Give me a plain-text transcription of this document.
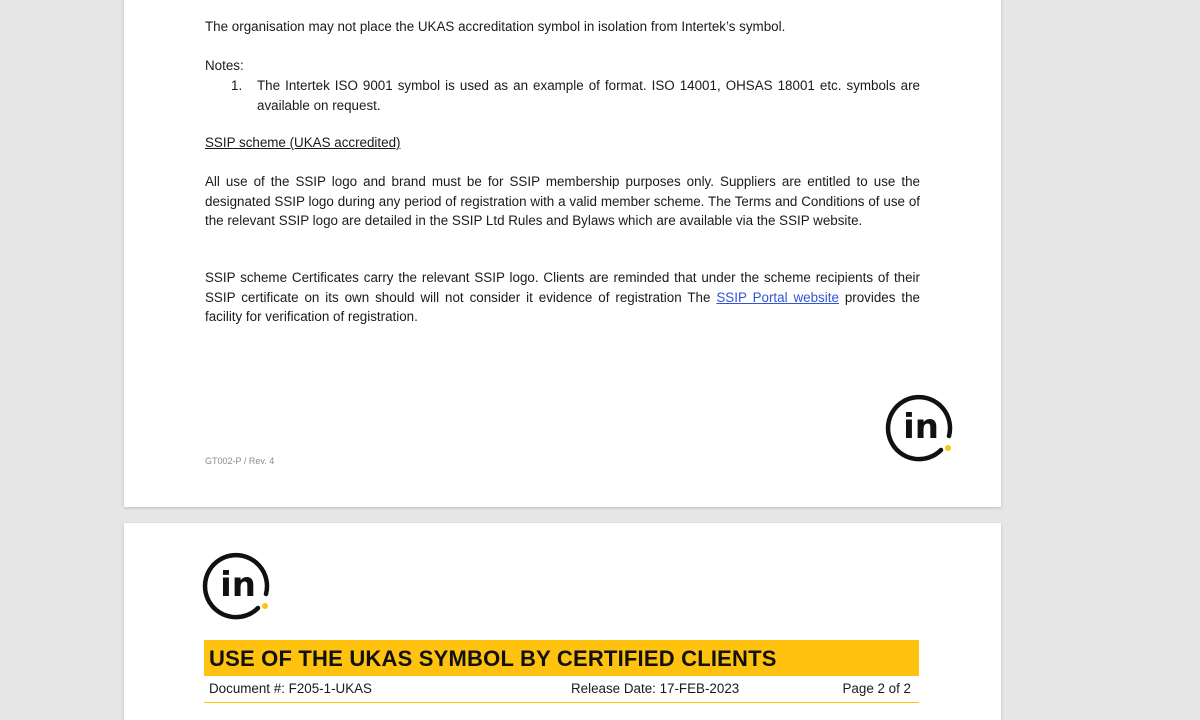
The organisation may not place the UKAS accreditation symbol in isolation from Intertek’s symbol.

Notes:
1. The Intertek ISO 9001 symbol is used as an example of format. ISO 14001, OHSAS 18001 etc. symbols are available on request.
SSIP scheme (UKAS accredited)

All use of the SSIP logo and brand must be for SSIP membership purposes only. Suppliers are entitled to use the designated SSIP logo during any period of registration with a valid member scheme. The Terms and Conditions of use of the relevant SSIP logo are detailed in the SSIP Ltd Rules and Bylaws which are available via the SSIP website.

SSIP scheme Certificates carry the relevant SSIP logo. Clients are reminded that under the scheme recipients of their SSIP certificate on its own should will not consider it evidence of registration The SSIP Portal website provides the facility for verification of registration.

GT002-P / Rev. 4
in
in
USE OF THE UKAS SYMBOL BY CERTIFIED CLIENTS
Document #: F205-1-UKAS	Release Date: 17-FEB-2023	Page 2 of 2
